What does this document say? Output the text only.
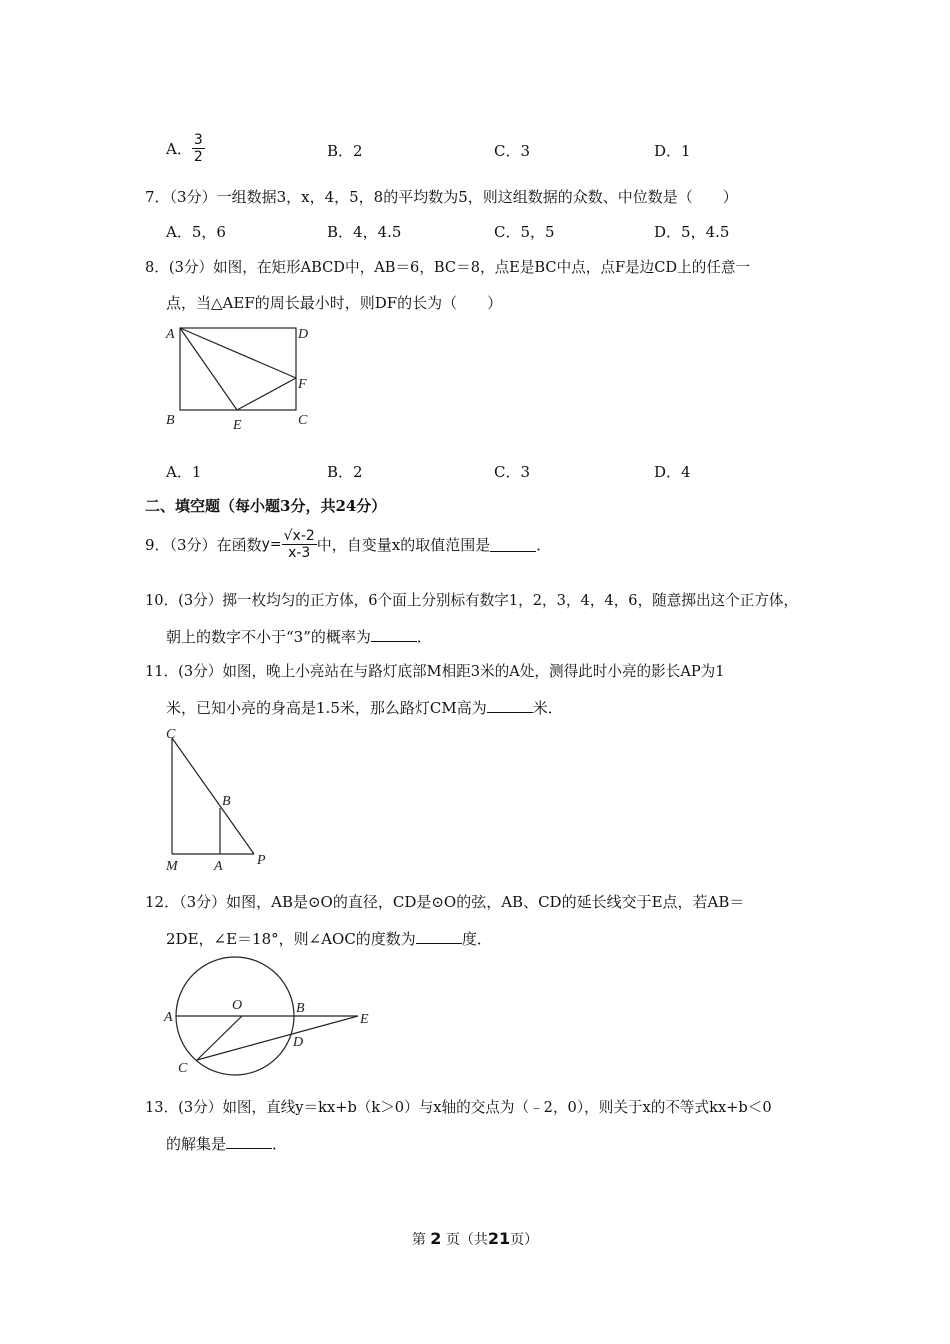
A． $\frac{3}{2}$	B．2	C．3	D．1
7．（3分）一组数据3，x，4，5，8的平均数为5，则这组数据的众数、中位数是（　　）
A．5，6	B．4，4.5	C．5，5	D．5，4.5
8．(3分）如图，在矩形ABCD中，AB＝6，BC＝8，点E是BC中点，点F是边CD上的任意一
点，当△AEF的周长最小时，则DF的长为（　　）
A	D
F
B	C
E
A．1	B．2	C．3	D．4
二、填空题（每小题3分，共24分）
9．（3分）在函数$y= \frac{√x-2}{x-3}$ 中，自变量x的取值范围是	．
10．(3分）掷一枚均匀的正方体，6个面上分别标有数字1，2，3，4，4，6，随意掷出这个正方体，
朝上的数字不小于“3”的概率为	．
11．(3分）如图，晚上小亮站在与路灯底部M相距3米的A处，测得此时小亮的影长AP为1
米，已知小亮的身高是1.5米，那么路灯CM高为	米．
C
B
M	A P
12．（3分）如图，AB是⊙O的直径，CD是⊙O的弦，AB、CD的延长线交于E点，若AB＝
2DE，∠E＝18°，则∠AOC的度数为	度．
A
O	B
E
C
D
13．(3分）如图，直线y＝kx+b（k＞0）与x轴的交点为（﹣2，0），则关于x的不等式kx+b＜0
的解集是	．
第 2 页（共21页）
